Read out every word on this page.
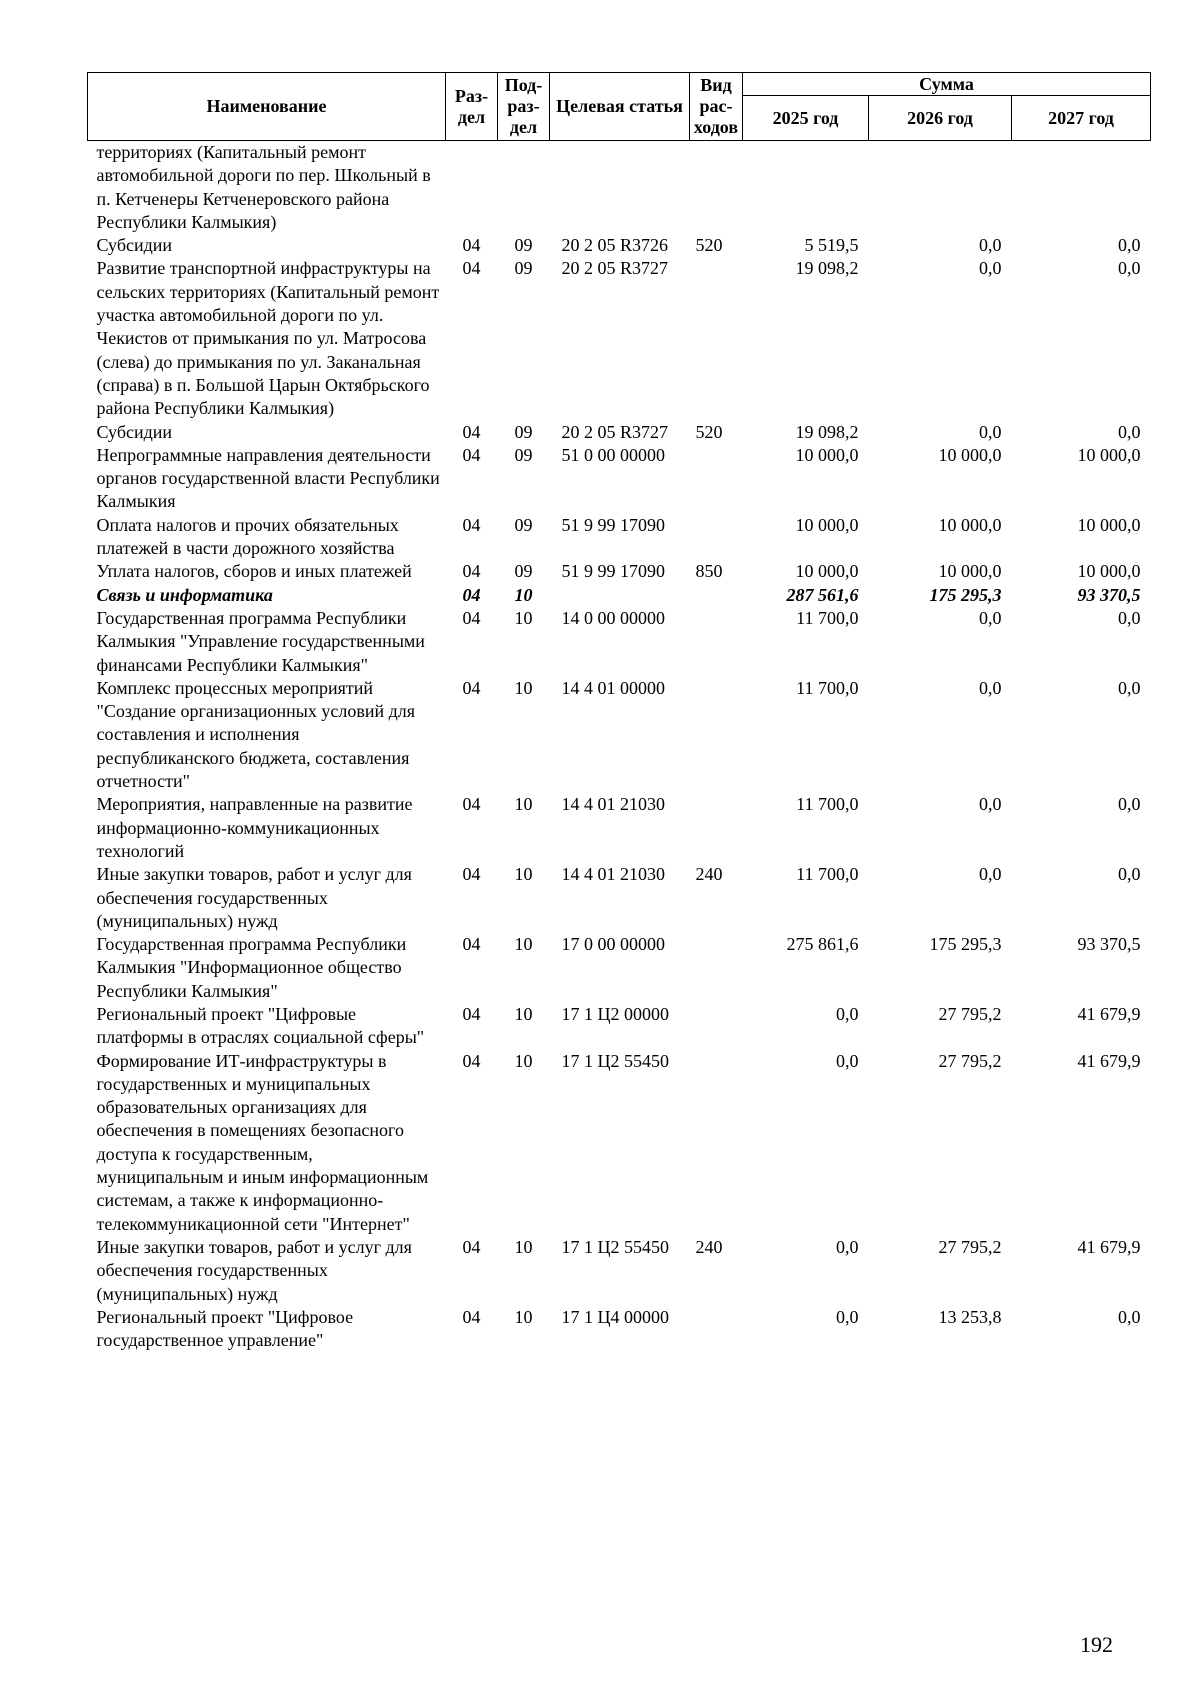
Наименование	Раз-дел	Под-раз-дел	Целевая статья	Вид рас-ходов	Сумма		
					2025 год	2026 год	2027 год
территориях (Капитальный ремонт автомобильной дороги по пер. Школьный в п. Кетченеры Кетченеровского района Республики Калмыкия)							
Субсидии	04	09	20 2 05 R3726	520	5 519,5	0,0	0,0
Развитие транспортной инфраструктуры на сельских территориях (Капитальный ремонт участка автомобильной дороги по ул. Чекистов от примыкания по ул. Матросова (слева) до примыкания по ул. Заканальная (справа) в п. Большой Царын Октябрьского района Республики Калмыкия)	04	09	20 2 05 R3727		19 098,2	0,0	0,0
Субсидии	04	09	20 2 05 R3727	520	19 098,2	0,0	0,0
Непрограммные направления деятельности органов государственной власти Республики Калмыкия	04	09	51 0 00 00000		10 000,0	10 000,0	10 000,0
Оплата налогов и прочих обязательных платежей в части дорожного хозяйства	04	09	51 9 99 17090		10 000,0	10 000,0	10 000,0
Уплата налогов, сборов и иных платежей	04	09	51 9 99 17090	850	10 000,0	10 000,0	10 000,0
Связь и информатика	04	10			287 561,6	175 295,3	93 370,5
Государственная программа Республики Калмыкия "Управление государственными финансами Республики Калмыкия"	04	10	14 0 00 00000		11 700,0	0,0	0,0
Комплекс процессных мероприятий "Создание организационных условий для составления и исполнения республиканского бюджета, составления отчетности"	04	10	14 4 01 00000		11 700,0	0,0	0,0
Мероприятия, направленные на развитие информационно-коммуникационных технологий	04	10	14 4 01 21030		11 700,0	0,0	0,0
Иные закупки товаров, работ и услуг для обеспечения государственных (муниципальных) нужд	04	10	14 4 01 21030	240	11 700,0	0,0	0,0
Государственная программа Республики Калмыкия "Информационное общество Республики Калмыкия"	04	10	17 0 00 00000		275 861,6	175 295,3	93 370,5
Региональный проект "Цифровые платформы в отраслях социальной сферы"	04	10	17 1 Ц2 00000		0,0	27 795,2	41 679,9
Формирование ИТ-инфраструктуры в государственных и муниципальных образовательных организациях для обеспечения в помещениях безопасного доступа к государственным, муниципальным и иным информационным системам, а также к информационно-телекоммуникационной сети "Интернет"	04	10	17 1 Ц2 55450		0,0	27 795,2	41 679,9
Иные закупки товаров, работ и услуг для обеспечения государственных (муниципальных) нужд	04	10	17 1 Ц2 55450	240	0,0	27 795,2	41 679,9
Региональный проект "Цифровое государственное управление"	04	10	17 1 Ц4 00000		0,0	13 253,8	0,0
192
